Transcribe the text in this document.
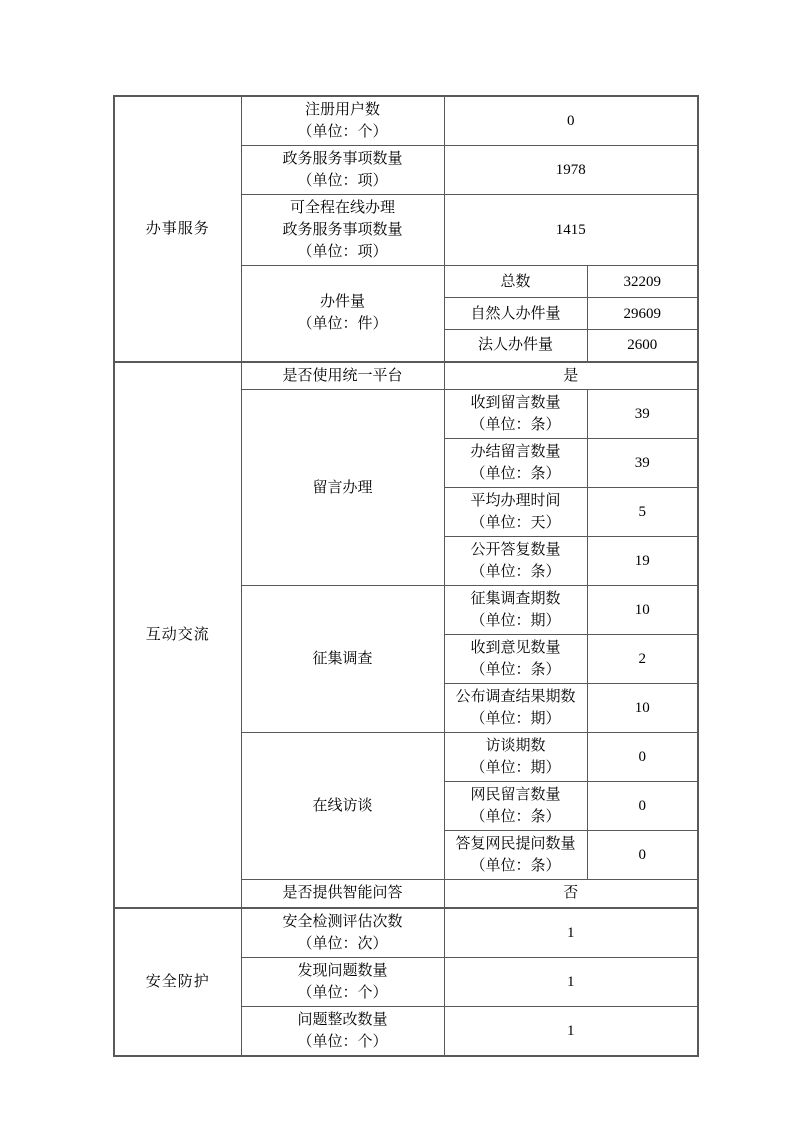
办事服务	注册用户数
（单位：个）	0	

	政务服务事项数量
（单位：项）	1978	

	可全程在线办理
政务服务事项数量
（单位：项）	1415	

	办件量
（单位：件）	总数	32209

		自然人办件量	29609

		法人办件量	2600
互动交流	是否使用统一平台	是	

	留言办理	收到留言数量
（单位：条）	39

		办结留言数量
（单位：条）	39

		平均办理时间
（单位：天）	5

		公开答复数量
（单位：条）	19

	征集调查	征集调查期数
（单位：期）	10

		收到意见数量
（单位：条）	2

		公布调查结果期数
（单位：期）	10

	在线访谈	访谈期数
（单位：期）	0

		网民留言数量
（单位：条）	0

		答复网民提问数量
（单位：条）	0

	是否提供智能问答	否	
安全防护	安全检测评估次数
（单位：次）	1	

	发现问题数量
（单位：个）	1	

	问题整改数量
（单位：个）	1	
